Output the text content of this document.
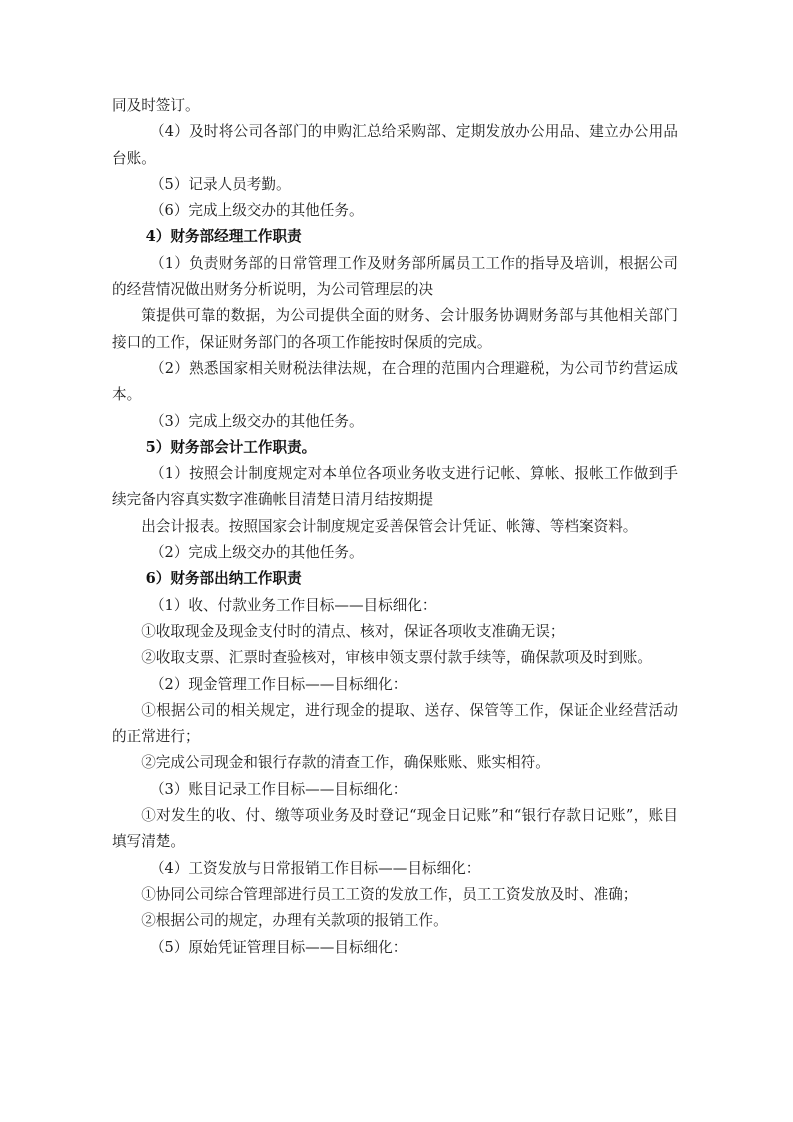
同及时签订。

（4）及时将公司各部门的申购汇总给采购部、定期发放办公用品、建立办公用品台账。

（5）记录人员考勤。

（6）完成上级交办的其他任务。

4）财务部经理工作职责

（1）负责财务部的日常管理工作及财务部所属员工工作的指导及培训，根据公司的经营情况做出财务分析说明，为公司管理层的决

策提供可靠的数据，为公司提供全面的财务、会计服务协调财务部与其他相关部门接口的工作，保证财务部门的各项工作能按时保质的完成。

（2）熟悉国家相关财税法律法规，在合理的范围内合理避税，为公司节约营运成本。

（3）完成上级交办的其他任务。

5）财务部会计工作职责。

（1）按照会计制度规定对本单位各项业务收支进行记帐、算帐、报帐工作做到手续完备内容真实数字准确帐目清楚日清月结按期提

出会计报表。按照国家会计制度规定妥善保管会计凭证、帐簿、等档案资料。

（2）完成上级交办的其他任务。

6）财务部出纳工作职责

（1）收、付款业务工作目标——目标细化：

①收取现金及现金支付时的清点、核对，保证各项收支准确无误；

②收取支票、汇票时查验核对，审核申领支票付款手续等，确保款项及时到账。

（2）现金管理工作目标——目标细化：

①根据公司的相关规定，进行现金的提取、送存、保管等工作，保证企业经营活动的正常进行；

②完成公司现金和银行存款的清查工作，确保账账、账实相符。

（3）账目记录工作目标——目标细化：

①对发生的收、付、缴等项业务及时登记“现金日记账”和“银行存款日记账”，账目填写清楚。

（4）工资发放与日常报销工作目标——目标细化：

①协同公司综合管理部进行员工工资的发放工作，员工工资发放及时、准确；

②根据公司的规定，办理有关款项的报销工作。

（5）原始凭证管理目标——目标细化：
